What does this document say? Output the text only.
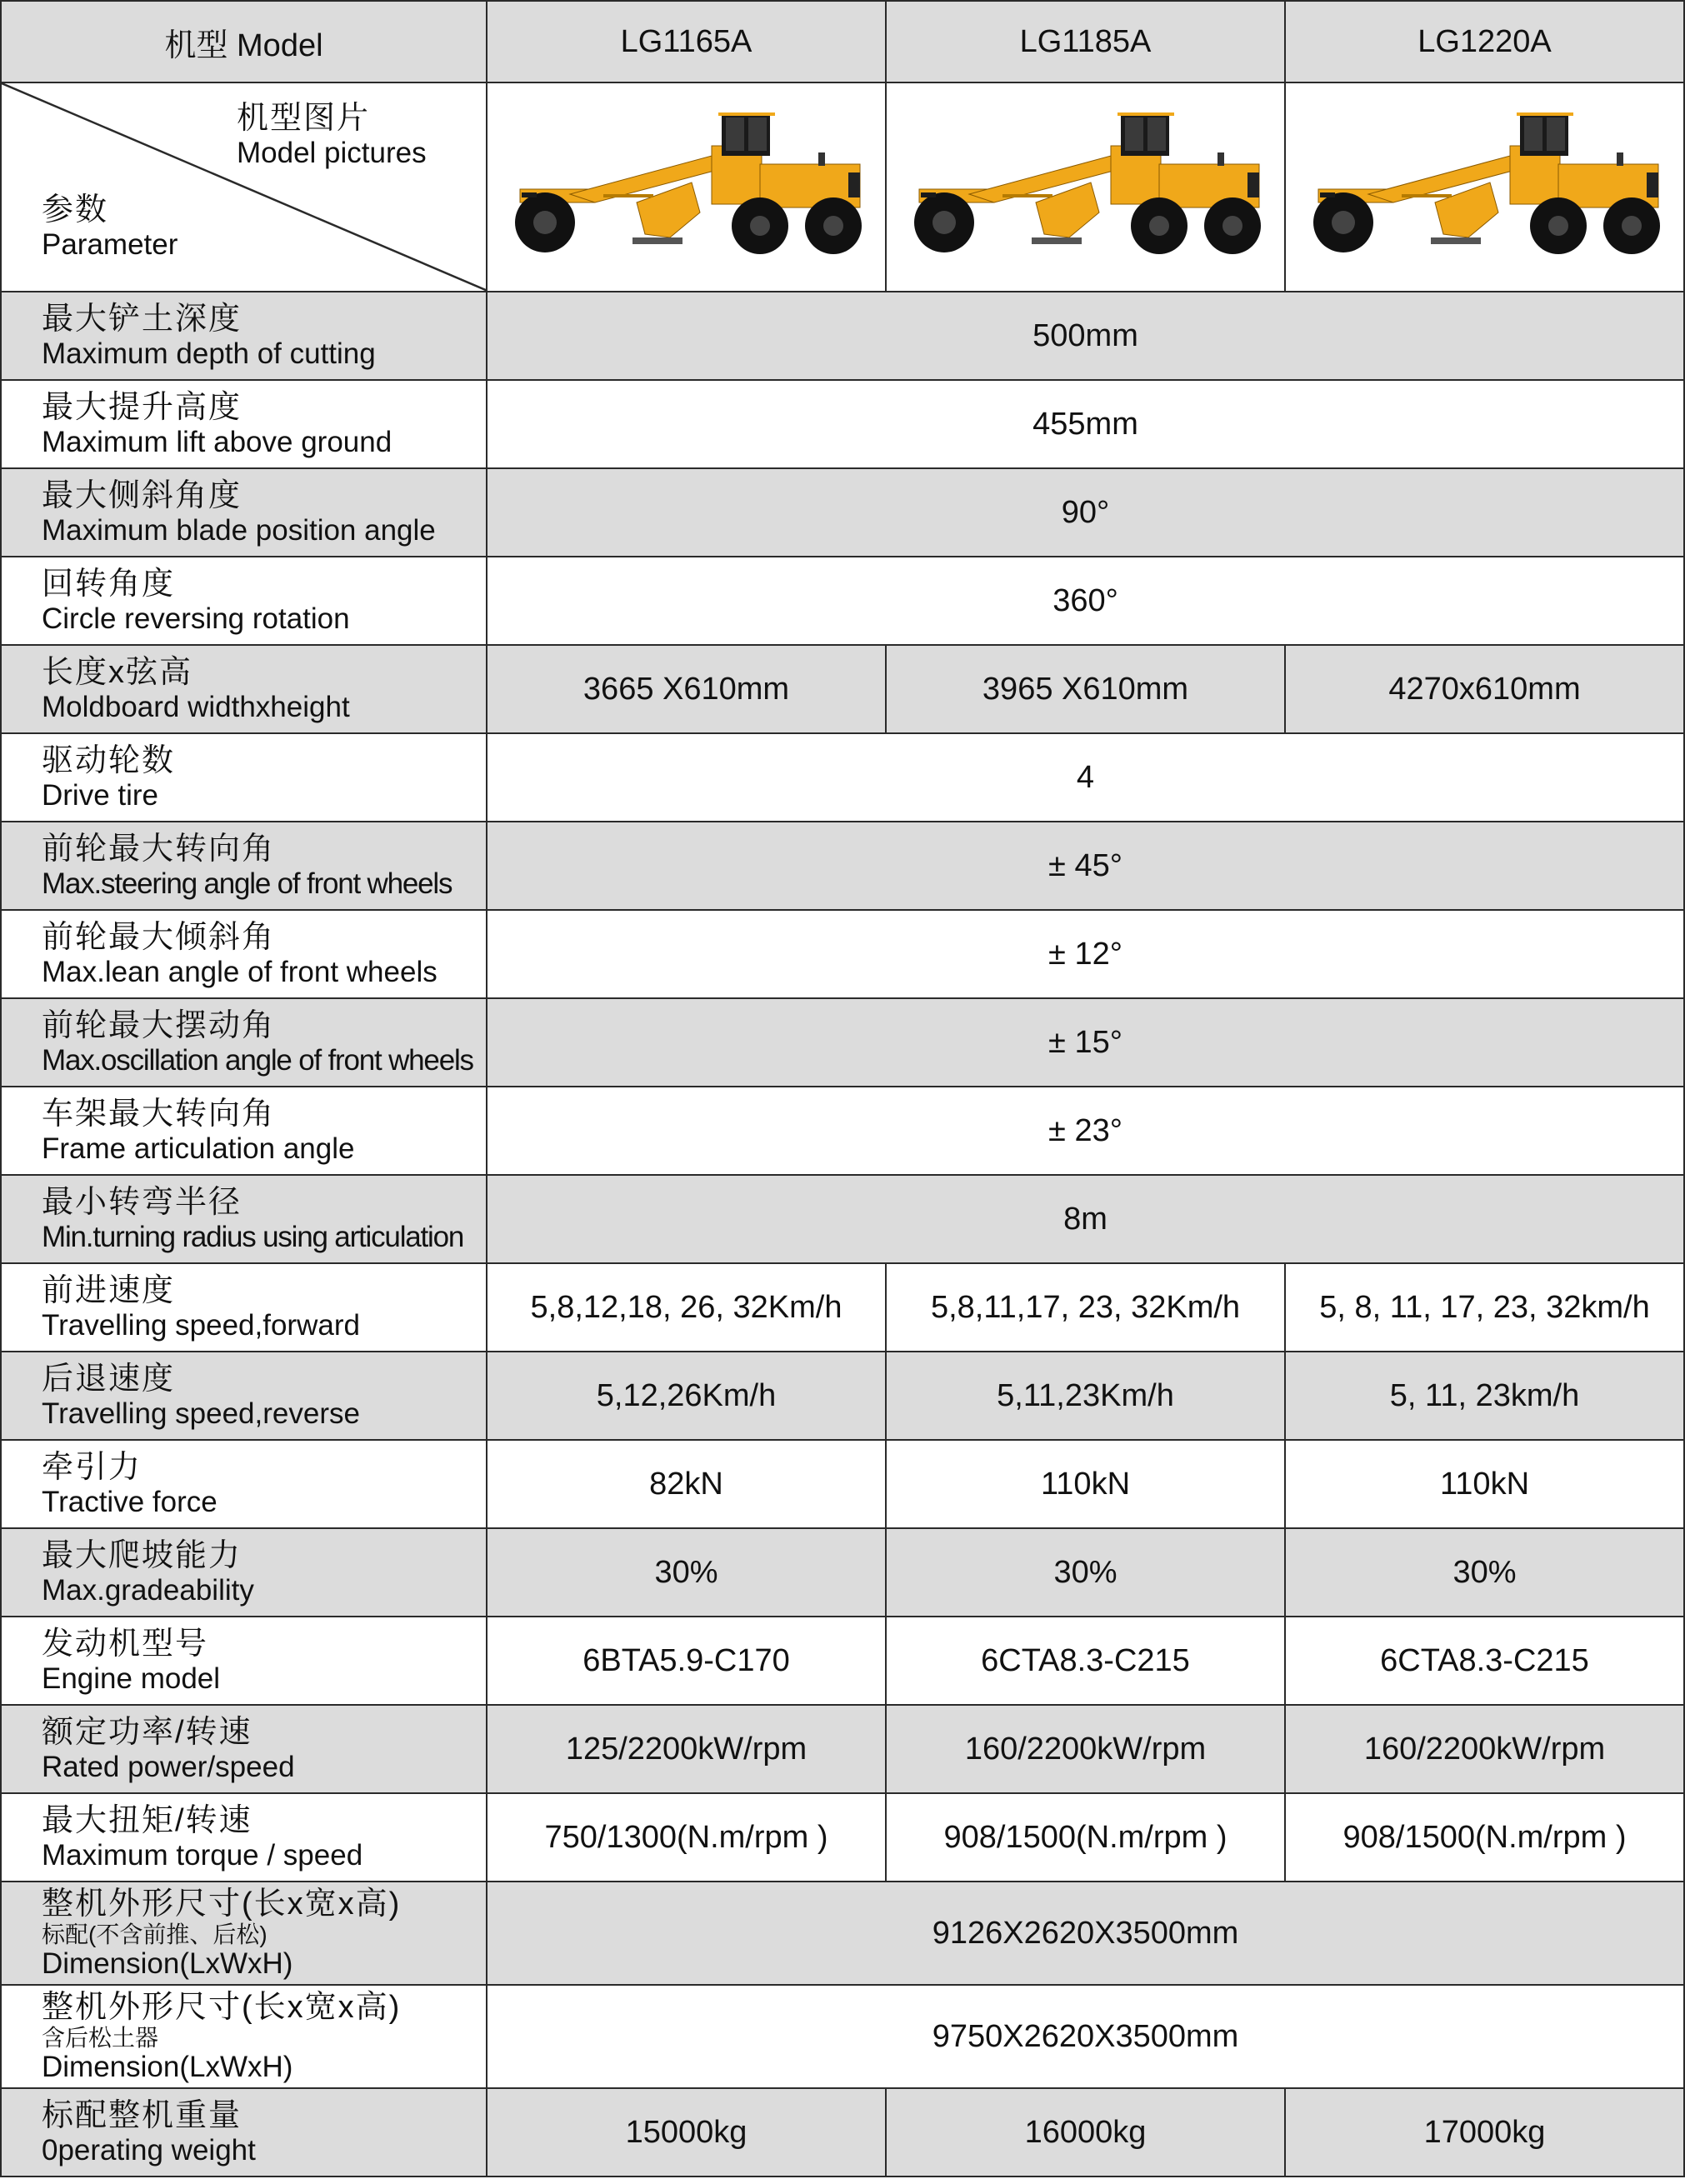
机型 Model	LG1165A	LG1185A	LG1220A

机型图片
Model pictures
参数
Parameter

最大铲土深度
Maximum depth of cutting	500mm		

最大提升高度
Maximum lift above ground	455mm		

最大侧斜角度
Maximum blade position angle	90°		

回转角度
Circle reversing rotation	360°		

长度x弦高
Moldboard widthxheight	3665 X610mm	3965 X610mm	4270x610mm

驱动轮数
Drive tire	4		

前轮最大转向角
Max.steering angle of front wheels	± 45°		

前轮最大倾斜角
Max.lean angle of front wheels	± 12°		

前轮最大摆动角
Max.oscillation angle of front wheels	± 15°		

车架最大转向角
Frame articulation angle	± 23°		

最小转弯半径
Min.turning radius using articulation	8m		

前进速度
Travelling speed,forward	5,8,12,18, 26, 32Km/h	5,8,11,17, 23, 32Km/h	5, 8, 11, 17, 23, 32km/h

后退速度
Travelling speed,reverse	5,12,26Km/h	5,11,23Km/h	5, 11, 23km/h

牵引力
Tractive force	82kN	110kN	110kN

最大爬坡能力
Max.gradeability	30%	30%	30%

发动机型号
Engine model	6BTA5.9-C170	6CTA8.3-C215	6CTA8.3-C215

额定功率/转速
Rated power/speed	125/2200kW/rpm	160/2200kW/rpm	160/2200kW/rpm

最大扭矩/转速
Maximum torque / speed	750/1300(N.m/rpm )	908/1500(N.m/rpm )	908/1500(N.m/rpm )

整机外形尺寸(长x宽x高)
标配(不含前推、后松)
Dimension(LxWxH)	9126X2620X3500mm		

整机外形尺寸(长x宽x高)
含后松土器
Dimension(LxWxH)	9750X2620X3500mm		

标配整机重量
0perating weight	15000kg	16000kg	17000kg
